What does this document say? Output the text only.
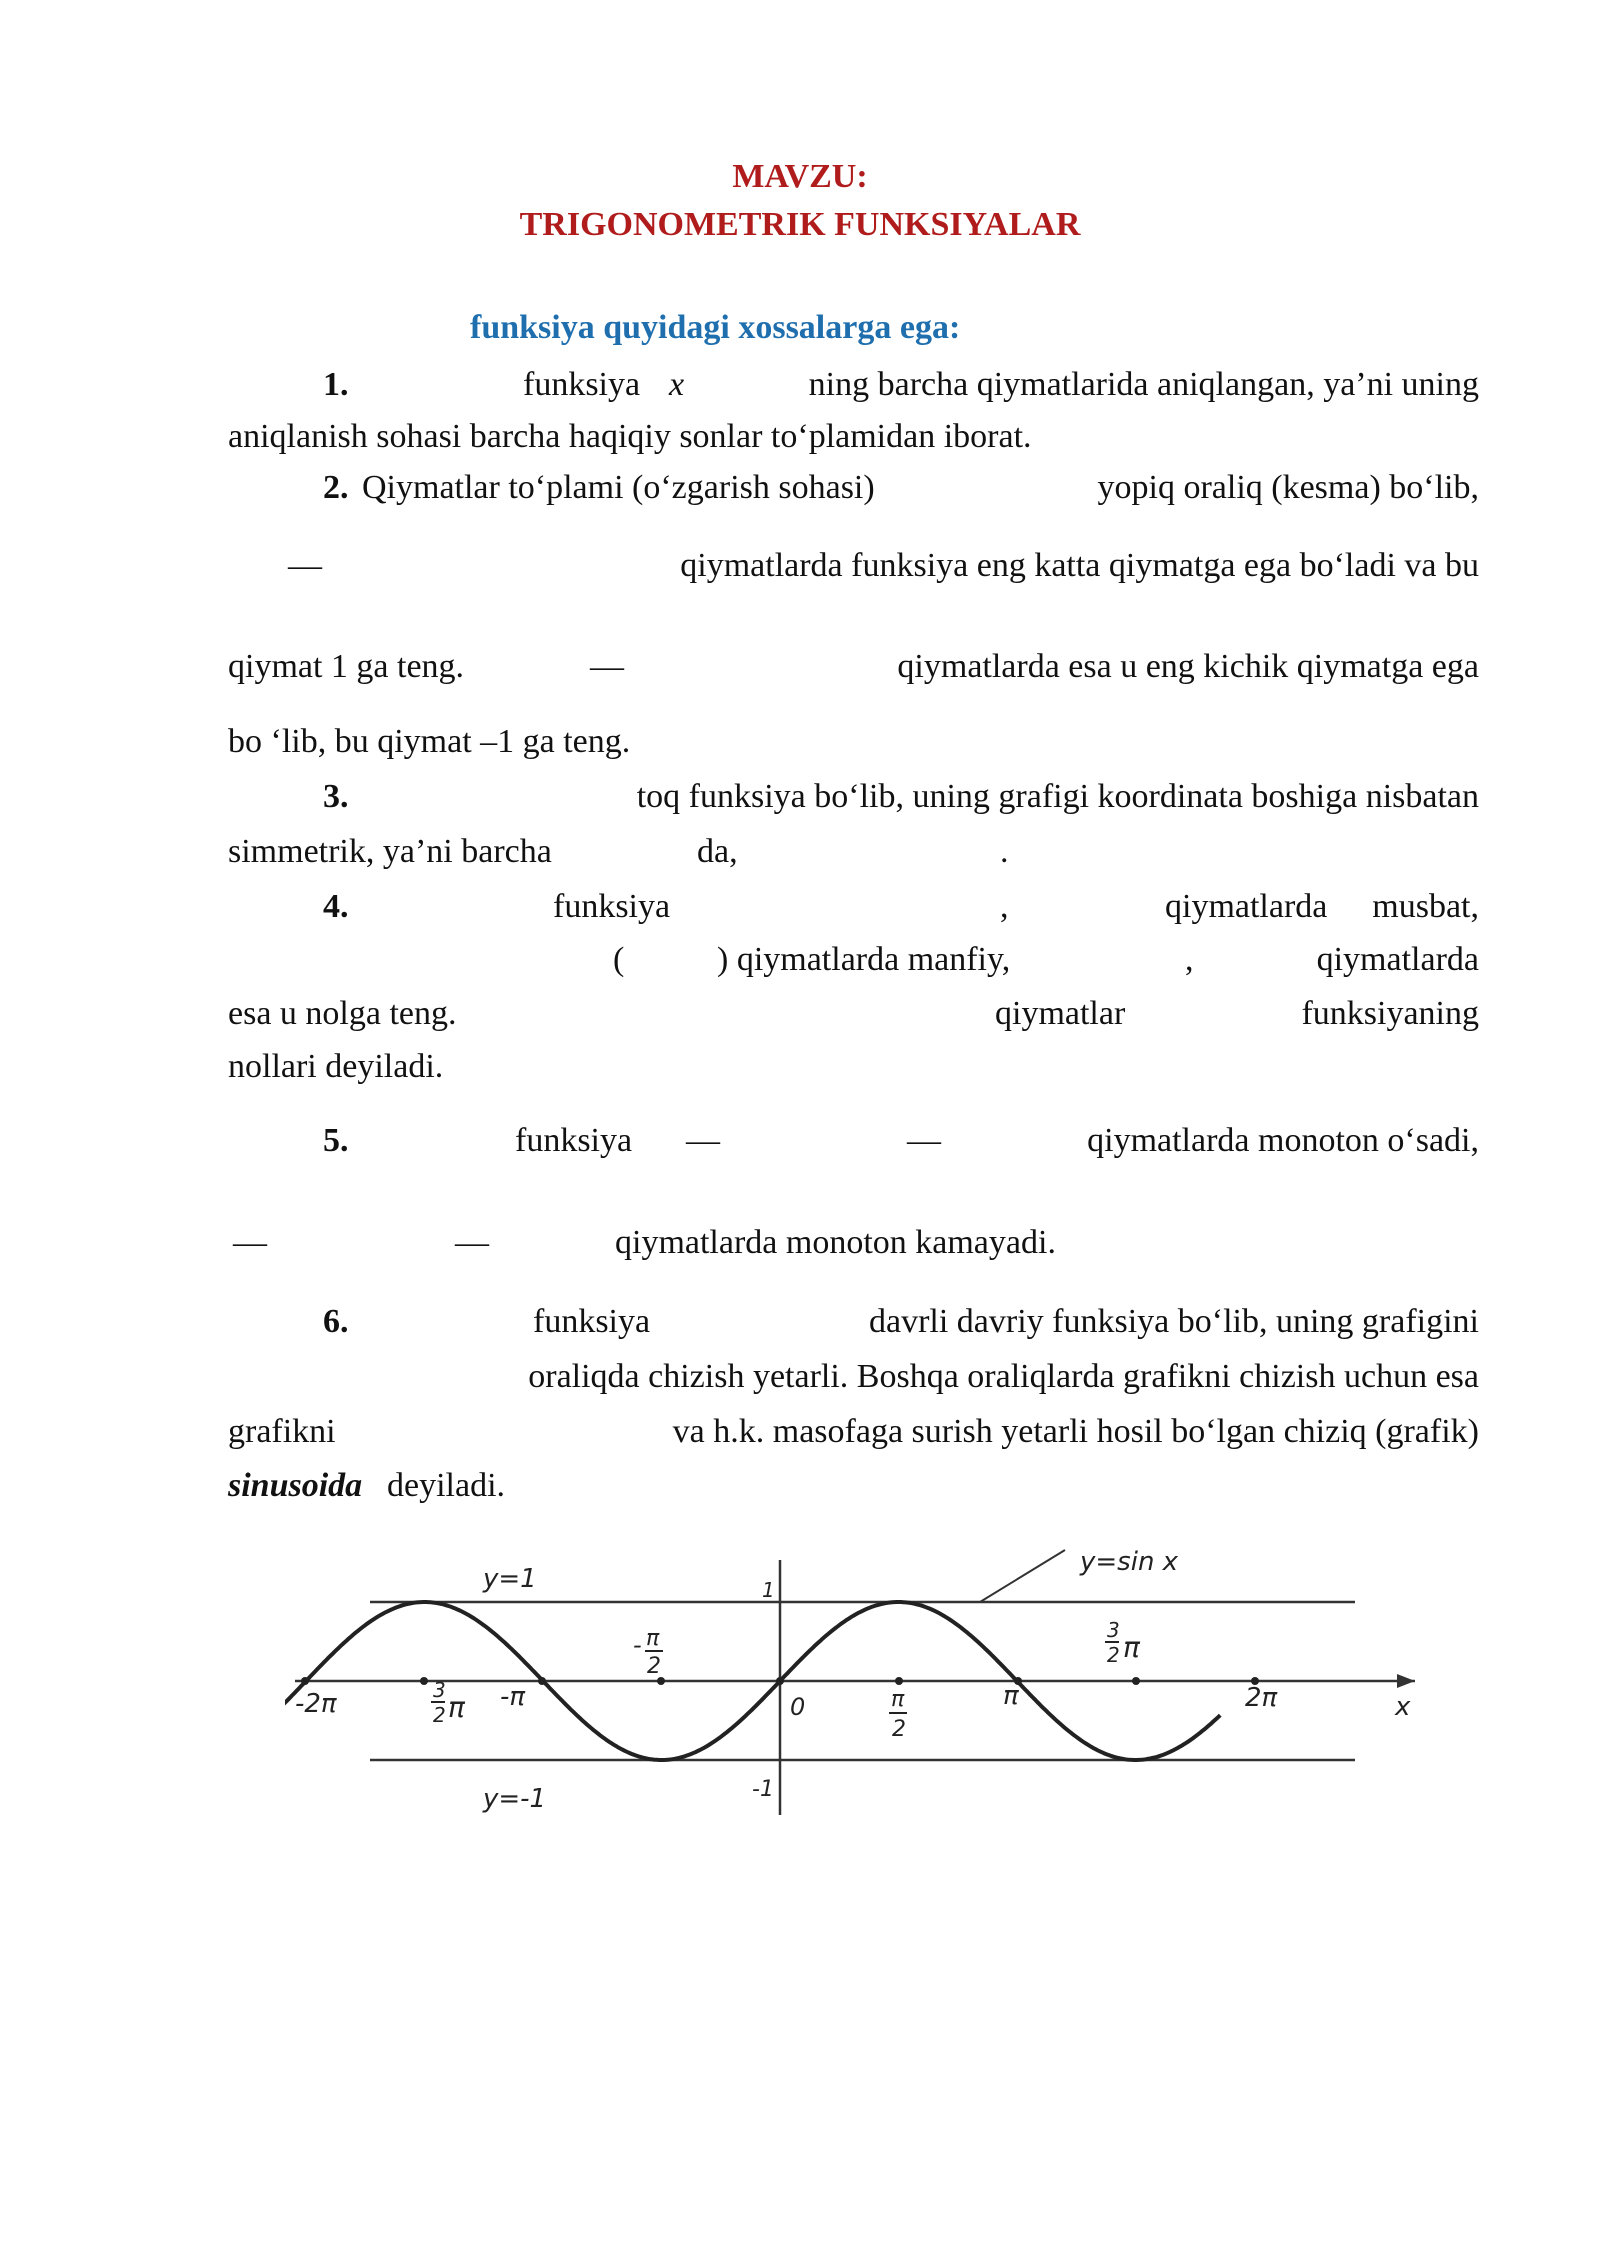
MAVZU:
TRIGONOMETRIK FUNKSIYALAR
funksiya quyidagi xossalarga ega:
1.	funksiya x	ning barcha qiymatlarida aniqlangan, ya’ni uning
aniqlanish sohasi barcha haqiqiy sonlar to‘plamidan iborat.
2. Qiymatlar to‘plami (o‘zgarish sohasi)	yopiq oraliq (kesma) bo‘lib,
—	qiymatlarda funksiya eng katta qiymatga ega bo‘ladi va bu
qiymat 1 ga teng.	—	qiymatlarda esa u eng kichik qiymatga ega
bo ‘lib, bu qiymat –1 ga teng.
3.	toq funksiya bo‘lib, uning grafigi koordinata boshiga nisbatan
simmetrik, ya’ni barcha	da,	.
4.	funksiya	,	qiymatlarda	musbat,
(	) qiymatlarda manfiy,	,	qiymatlarda
esa u nolga teng.	qiymatlar	funksiyaning
nollari deyiladi.
5.	funksiya —	—	qiymatlarda monoton o‘sadi,
—	—	qiymatlarda monoton kamayadi.
6.	funksiya	davrli davriy funksiya bo‘lib, uning grafigini
oraliqda chizish yetarli. Boshqa oraliqlarda grafikni chizish uchun esa
grafikni	va h.k. masofaga surish yetarli hosil bo‘lgan chiziq (grafik)
sinusoida deyiladi.
y=sin x
y=1
y=-1
x
1
-1
0
-2π	3
2 π -π
- π
2
π
2
π
3
2 π
2π
